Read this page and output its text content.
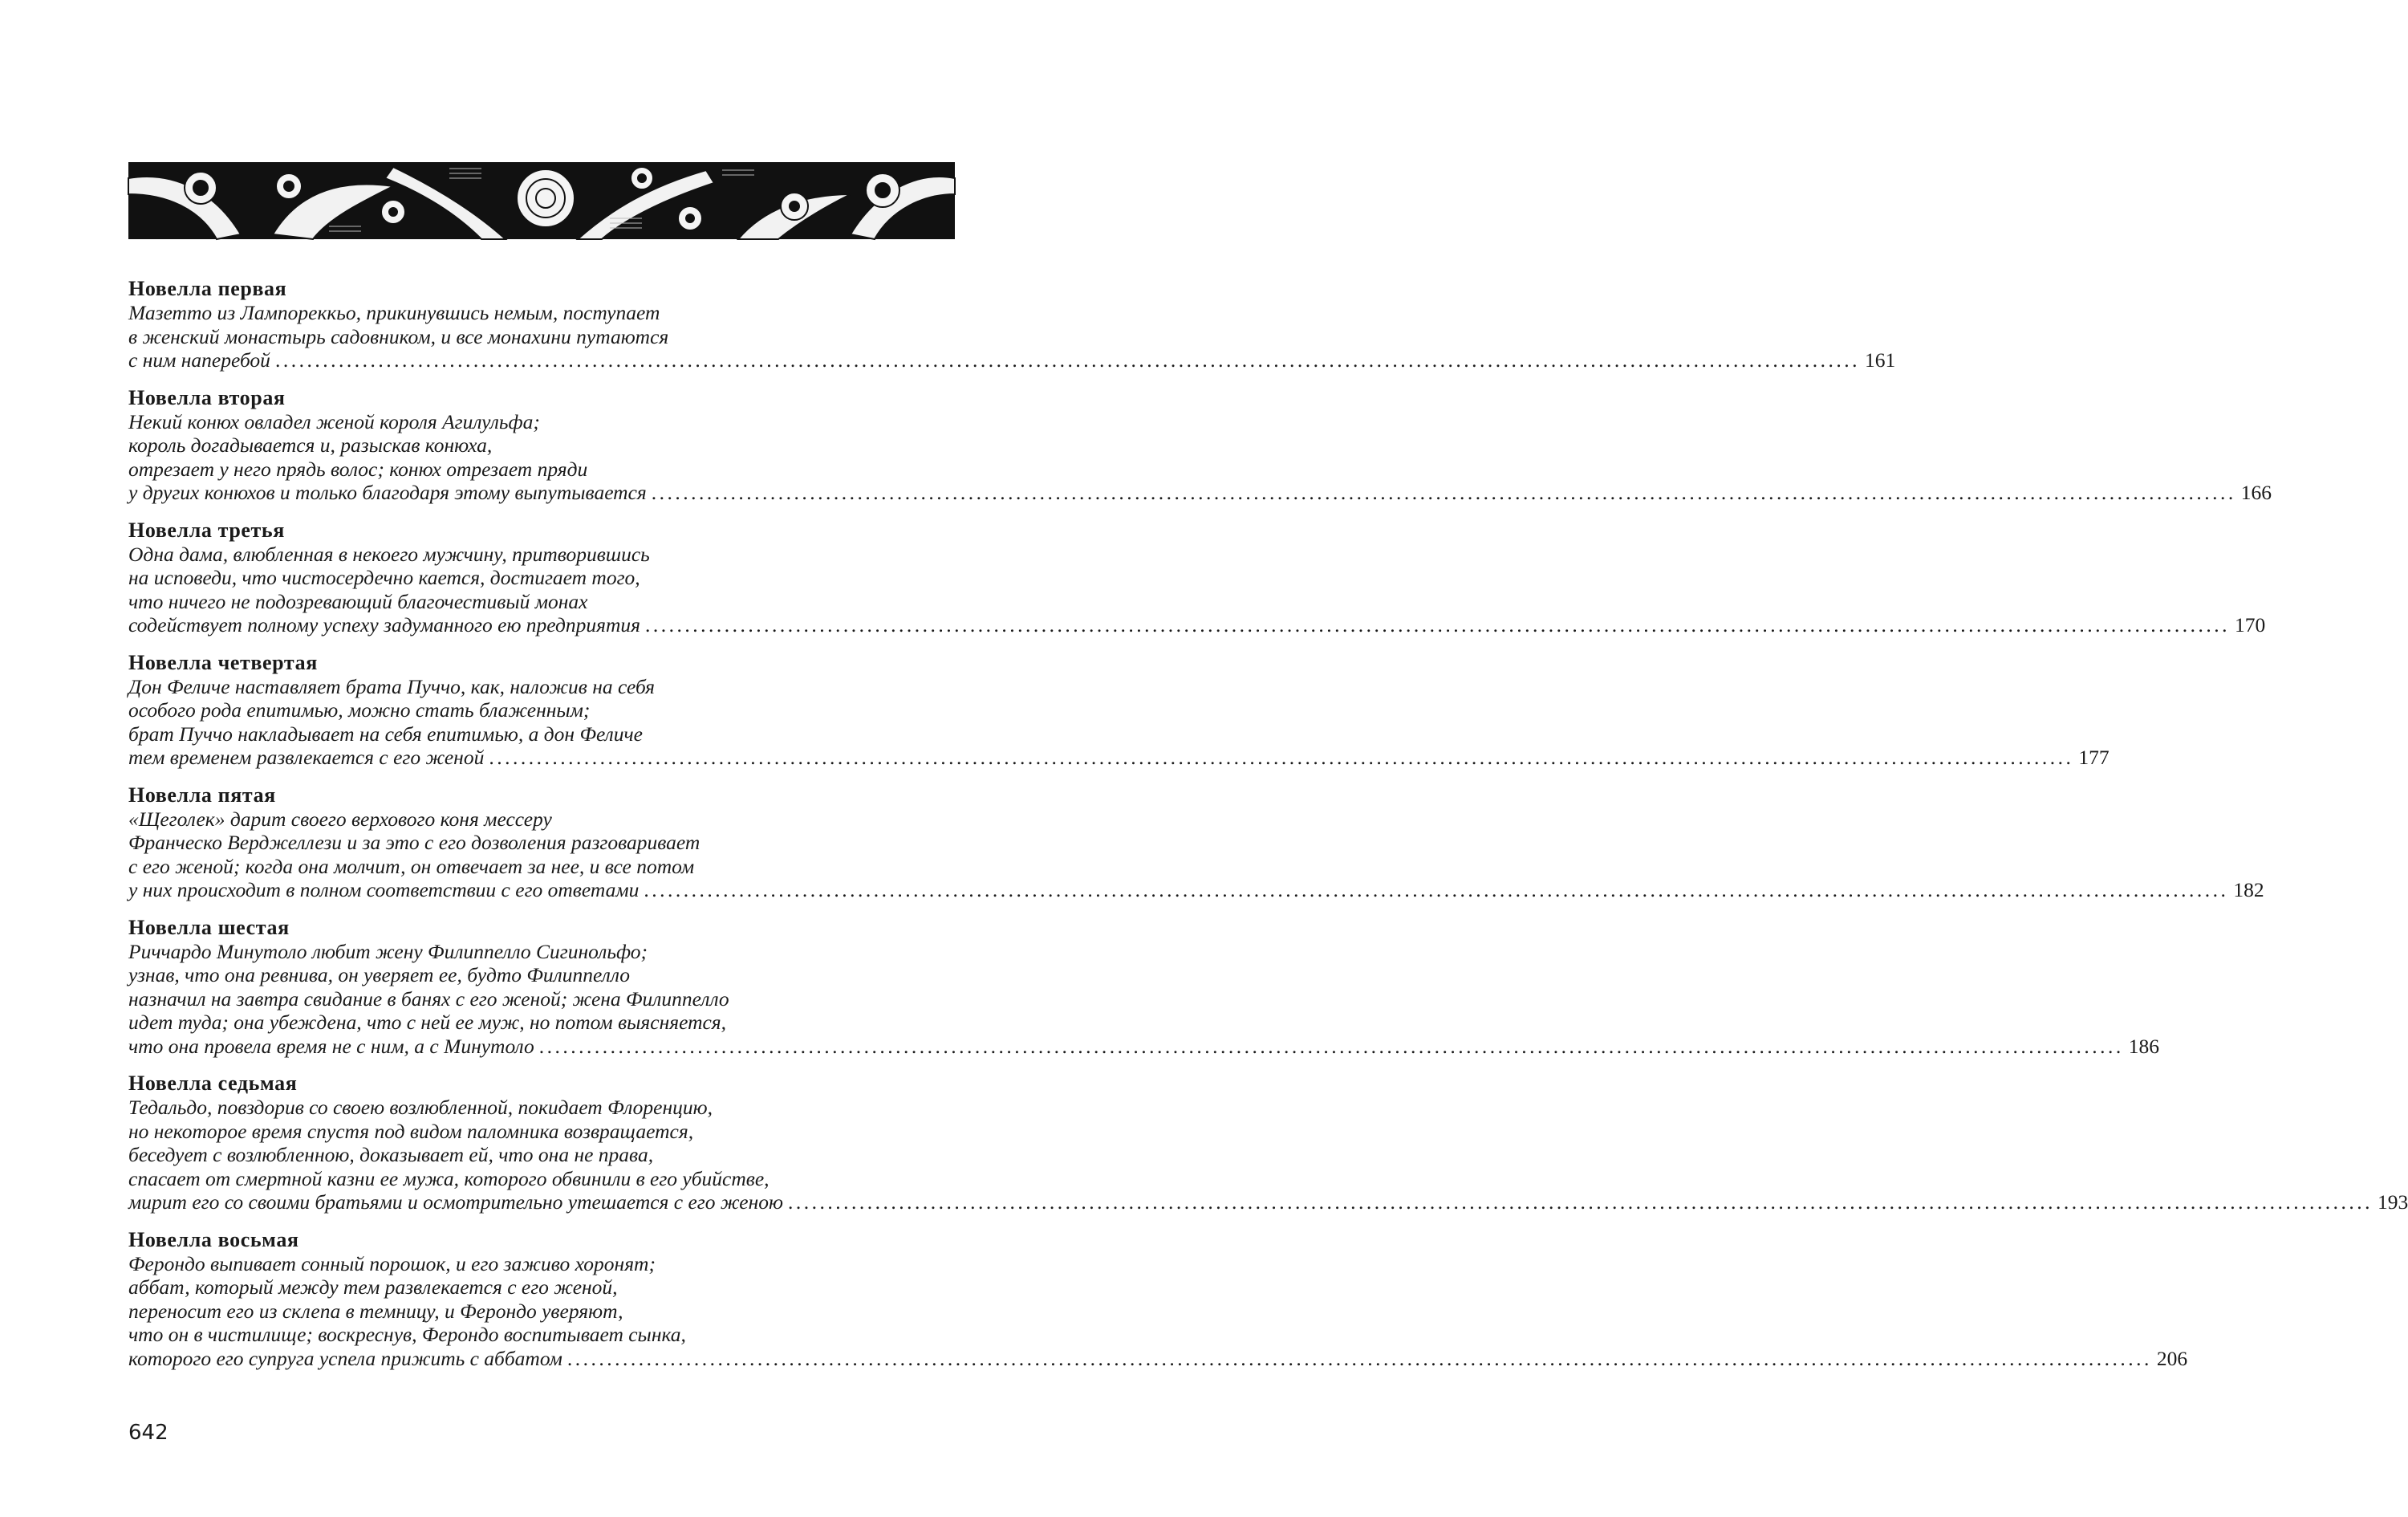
Новелла первая
Мазетто из Лампореккьо, прикинувшись немым, поступает
в женский монастырь садовником, и все монахини путаются
с ним наперебой ........................................................................................................................................................................................................ 161
Новелла вторая
Некий конюх овладел женой короля Агилульфа;
король догадывается и, разыскав конюха,
отрезает у него прядь волос; конюх отрезает пряди
у других конюхов и только благодаря этому выпутывается ........................................................................................................................................................................................................ 166
Новелла третья
Одна дама, влюбленная в некоего мужчину, притворившись
на исповеди, что чистосердечно кается, достигает того,
что ничего не подозревающий благочестивый монах
содействует полному успеху задуманного ею предприятия ........................................................................................................................................................................................................ 170
Новелла четвертая
Дон Феличе наставляет брата Пуччо, как, наложив на себя
особого рода епитимью, можно стать блаженным;
брат Пуччо накладывает на себя епитимью, а дон Феличе
тем временем развлекается с его женой ........................................................................................................................................................................................................ 177
Новелла пятая
«Щеголек» дарит своего верхового коня мессеру
Франческо Верджеллези и за это с его дозволения разговаривает
с его женой; когда она молчит, он отвечает за нее, и все потом
у них происходит в полном соответствии с его ответами ........................................................................................................................................................................................................ 182
Новелла шестая
Риччардо Минутоло любит жену Филиппелло Сигинольфо;
узнав, что она ревнива, он уверяет ее, будто Филиппелло
назначил на завтра свидание в банях с его женой; жена Филиппелло
идет туда; она убеждена, что с ней ее муж, но потом выясняется,
что она провела время не с ним, а с Минутоло ........................................................................................................................................................................................................ 186
Новелла седьмая
Тедальдо, повздорив со своею возлюбленной, покидает Флоренцию,
но некоторое время спустя под видом паломника возвращается,
беседует с возлюбленною, доказывает ей, что она не права,
спасает от смертной казни ее мужа, которого обвинили в его убийстве,
мирит его со своими братьями и осмотрительно утешается с его женою ........................................................................................................................................................................................................ 193
Новелла восьмая
Ферондо выпивает сонный порошок, и его заживо хоронят;
аббат, который между тем развлекается с его женой,
переносит его из склепа в темницу, и Ферондо уверяют,
что он в чистилище; воскреснув, Ферондо воспитывает сынка,
которого его супруга успела прижить с аббатом ........................................................................................................................................................................................................ 206
642
